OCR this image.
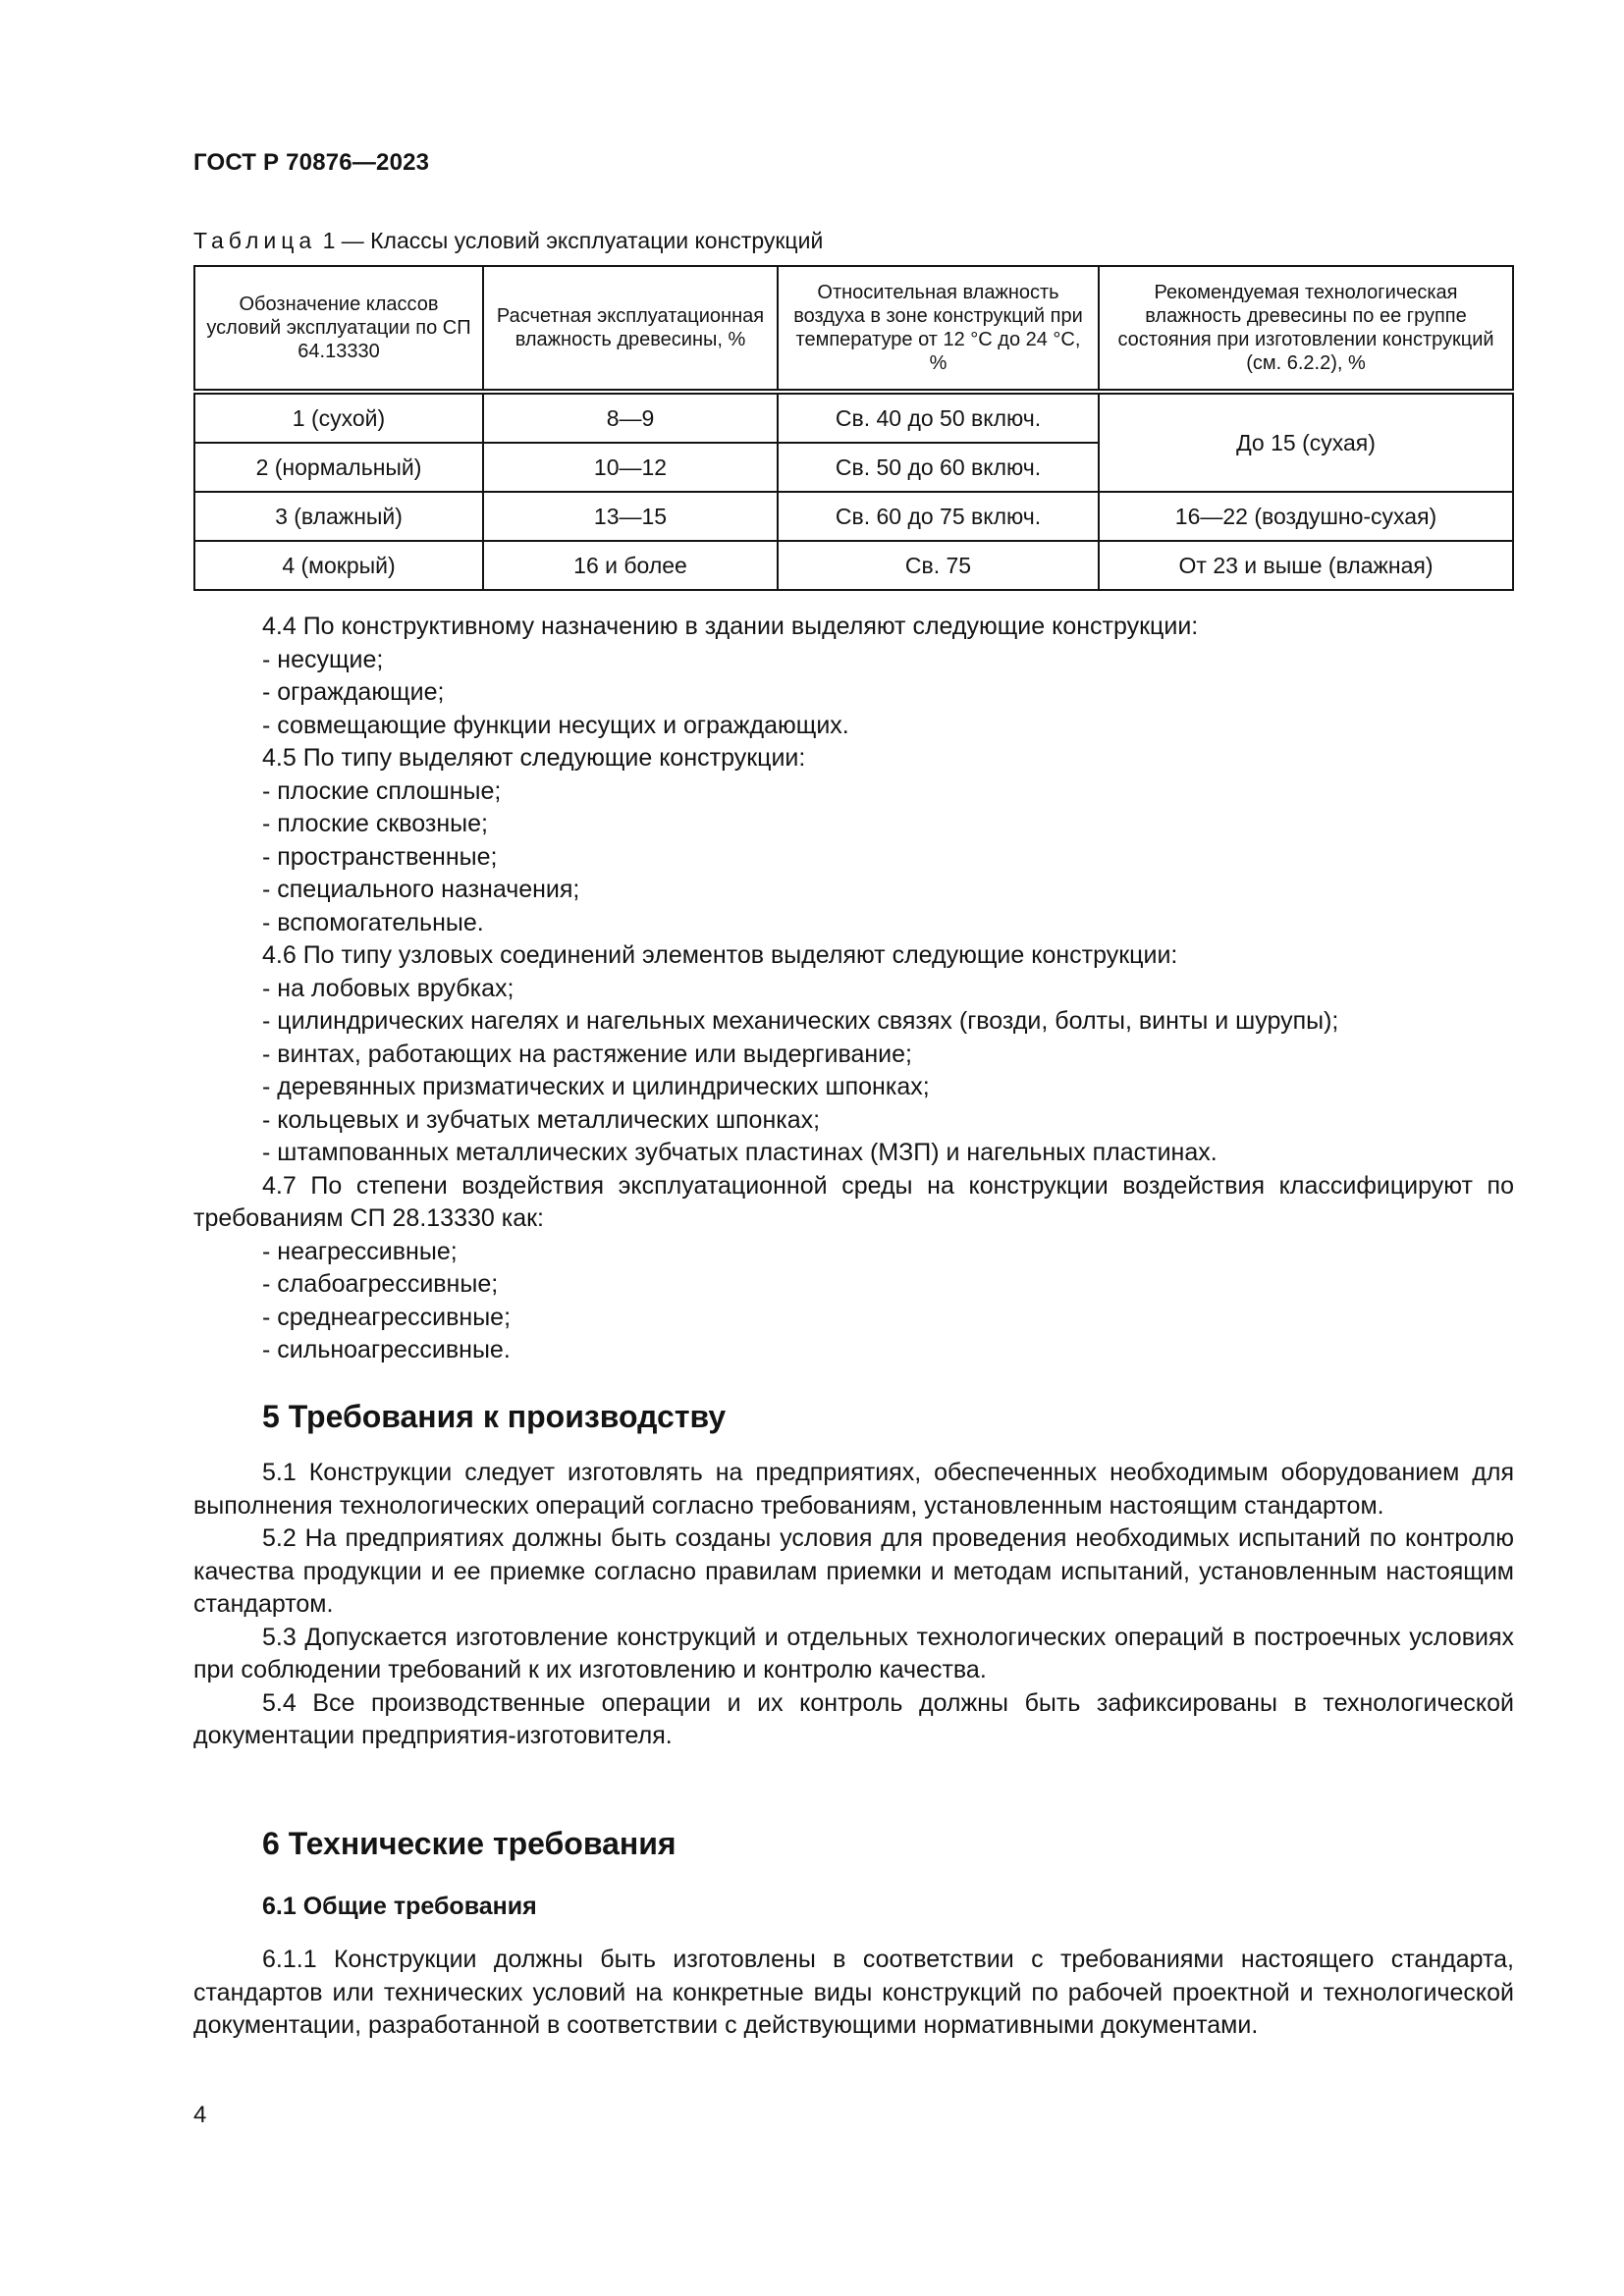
ГОСТ Р 70876—2023
Таблица 1 — Классы условий эксплуатации конструкций
Обозначение классов условий эксплуатации по СП 64.13330	Расчетная эксплуатационная влажность древесины, %	Относительная влажность воздуха в зоне конструкций при температуре от 12 °С до 24 °С, %	Рекомендуемая технологическая влажность древесины по ее группе состояния при изготовлении конструкций (см. 6.2.2), %
1 (сухой)	8—9	Св. 40 до 50 включ.	До 15 (сухая)
2 (нормальный)	10—12	Св. 50 до 60 включ.	
3 (влажный)	13—15	Св. 60 до 75 включ.	16—22 (воздушно-сухая)
4 (мокрый)	16 и более	Св. 75	От 23 и выше (влажная)

4.4 По конструктивному назначению в здании выделяют следующие конструкции:

- несущие;

- ограждающие;

- совмещающие функции несущих и ограждающих.

4.5 По типу выделяют следующие конструкции:

- плоские сплошные;

- плоские сквозные;

- пространственные;

- специального назначения;

- вспомогательные.

4.6 По типу узловых соединений элементов выделяют следующие конструкции:

- на лобовых врубках;

- цилиндрических нагелях и нагельных механических связях (гвозди, болты, винты и шурупы);

- винтах, работающих на растяжение или выдергивание;

- деревянных призматических и цилиндрических шпонках;

- кольцевых и зубчатых металлических шпонках;

- штампованных металлических зубчатых пластинах (МЗП) и нагельных пластинах.

4.7 По степени воздействия эксплуатационной среды на конструкции воздействия классифицируют по требованиям СП 28.13330 как:

- неагрессивные;

- слабоагрессивные;

- среднеагрессивные;

- сильноагрессивные.

5 Требования к производству

5.1 Конструкции следует изготовлять на предприятиях, обеспеченных необходимым оборудованием для выполнения технологических операций согласно требованиям, установленным настоящим стандартом.

5.2 На предприятиях должны быть созданы условия для проведения необходимых испытаний по контролю качества продукции и ее приемке согласно правилам приемки и методам испытаний, установленным настоящим стандартом.

5.3 Допускается изготовление конструкций и отдельных технологических операций в построечных условиях при соблюдении требований к их изготовлению и контролю качества.

5.4 Все производственные операции и их контроль должны быть зафиксированы в технологической документации предприятия-изготовителя.

6 Технические требования
6.1 Общие требования

6.1.1 Конструкции должны быть изготовлены в соответствии с требованиями настоящего стандарта, стандартов или технических условий на конкретные виды конструкций по рабочей проектной и технологической документации, разработанной в соответствии с действующими нормативными документами.

4
